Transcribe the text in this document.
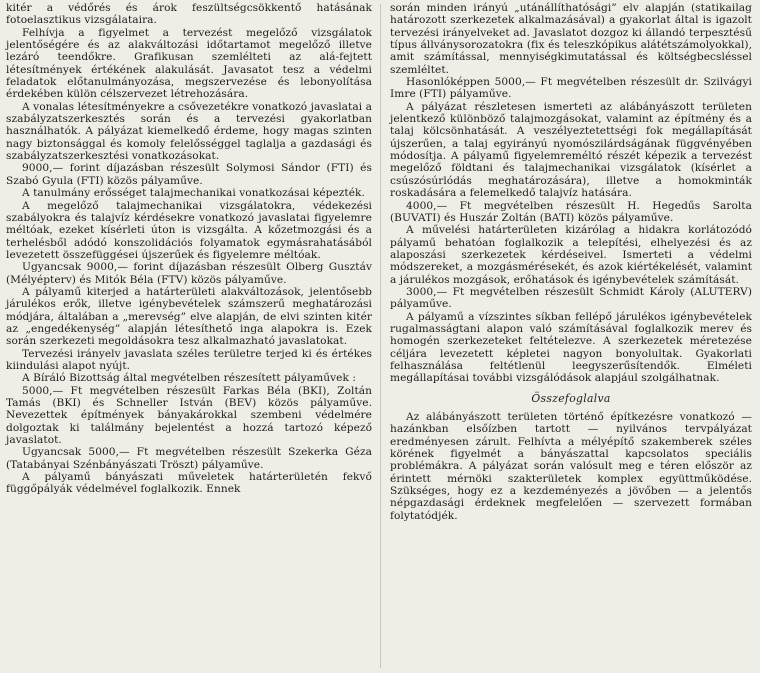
kitér a védőrés és árok feszültségcsökkentő hatásának fotoelasztikus vizsgálataira.

Felhívja a figyelmet a tervezést megelőző vizsgálatok jelentőségére és az alakváltozási időtartamot megelőző illetve lezáró teendőkre. Grafikusan szemlélteti az alá-fejtett létesítmények értékének alakulását. Javasatot tesz a védelmi feladatok előtanulmányozása, megszervezése és lebonyolítása érdekében külön célszervezet létrehozására.

A vonalas létesítményekre a csővezetékre vonatkozó javaslatai a szabályzatszerkesztés során és a tervezési gyakorlatban használhatók. A pályázat kiemelkedő érdeme, hogy magas szinten nagy biztonsággal és komoly felelősséggel taglalja a gazdasági és szabályzatszerkesztési vonatkozásokat.

9000,— forint díjazásban részesült Solymosi Sándor (FTI) és Szabó Gyula (FTI) közös pályaműve.

A tanulmány erősséget talajmechanikai vonatkozásai képezték.

A megelőző talajmechanikai vizsgálatokra, védekezési szabályokra és talajvíz kérdésekre vonatkozó javaslatai figyelemre méltóak, ezeket kísérleti úton is vizsgálta. A kőzetmozgási és a terhelésből adódó konszolidációs folyamatok egymásrahatásából levezetett összefüggései újszerűek és figyelemre méltóak.

Ugyancsak 9000,— forint díjazásban részesült Olberg Gusztáv (Mélyépterv) és Mitók Béla (FTV) közös pályaműve.

A pályamű kiterjed a határterületi alakváltozások, jelentősebb járulékos erők, illetve igénybevételek számszerű meghatározási módjára, általában a „merevség” elve alapján, de elvi szinten kitér az „engedékenység” alapján létesíthető inga alapokra is. Ezek során szerkezeti megoldásokra tesz alkalmazható javaslatokat.

Tervezési irányelv javaslata széles területre terjed ki és értékes kiindulási alapot nyújt.

A Bíráló Bizottság által megvételben részesített pályaművek :

5000,— Ft megvételben részesült Farkas Béla (BKI), Zoltán Tamás (BKI) és Schneller István (BEV) közös pályaműve. Nevezettek építmények bányakárokkal szembeni védelmére dolgoztak ki találmány bejelentést a hozzá tartozó képező javaslatot.

Ugyancsak 5000,— Ft megvételben részesült Szekerka Géza (Tatabányai Szénbányászati Tröszt) pályaműve.

A pályamű bányászati műveletek határterületén fekvő függőpályák védelmével foglalkozik. Ennek

során minden irányú „utánállíthatósági” elv alapján (statikailag határozott szerkezetek alkalmazásával) a gyakorlat által is igazolt tervezési irányelveket ad. Javaslatot dozgoz ki állandó terpesztésű típus állványsorozatokra (fix és teleszkópikus alátétszámolyokkal), amit számítással, mennyiségkimutatással és költségbecsléssel szemléltet.

Hasonlóképpen 5000,— Ft megvételben részesült dr. Szilvágyi Imre (FTI) pályaműve.

A pályázat részletesen ismerteti az alábányászott területen jelentkező különböző talajmozgásokat, valamint az építmény és a talaj kölcsönhatását. A veszélyeztetettségi fok megállapítását újszerűen, a talaj egyirányú nyomószilárdságának függvényében módosítja. A pályamű figyelemreméltó részét képezik a tervezést megelőző földtani és talajmechanikai vizsgálatok (kísérlet a csúszósúrlódás meghatározására), illetve a homokminták roskadására a felemelkedő talajvíz hatására.

4000,— Ft megvételben részesült H. Hegedűs Sarolta (BUVATI) és Huszár Zoltán (BATI) közös pályaműve.

A művelési határterületen kizárólag a hidakra korlátozódó pályamű behatóan foglalkozik a telepítési, elhelyezési és az alaposzási szerkezetek kérdéseivel. Ismerteti a védelmi módszereket, a mozgásmérésekét, és azok kiértékelését, valamint a járulékos mozgások, erőhatások és igénybevételek számítását.

3000,— Ft megvételben részesült Schmidt Károly (ALUTERV) pályaműve.

A pályamű a vízszintes síkban fellépő járulékos igénybevételek rugalmasságtani alapon való számításával foglalkozik merev és homogén szerkezeteket feltételezve. A szerkezetek méretezése céljára levezetett képletei nagyon bonyolultak. Gyakorlati felhasználása feltétlenül leegyszerűsítendők. Elméleti megállapításai további vizsgálódások alapjául szolgálhatnak.

Összefoglalva

Az alábányászott területen történő építkezésre vonatkozó — hazánkban elsőízben tartott — nyilvános tervpályázat eredményesen zárult. Felhívta a mélyépítő szakemberek széles körének figyelmét a bányászattal kapcsolatos speciális problémákra. A pályázat során valósult meg e téren először az érintett mérnöki szakterületek komplex együttműködése. Szükséges, hogy ez a kezdeményezés a jövőben — a jelentős népgazdasági érdeknek megfelelően — szervezett formában folytatódjék.
